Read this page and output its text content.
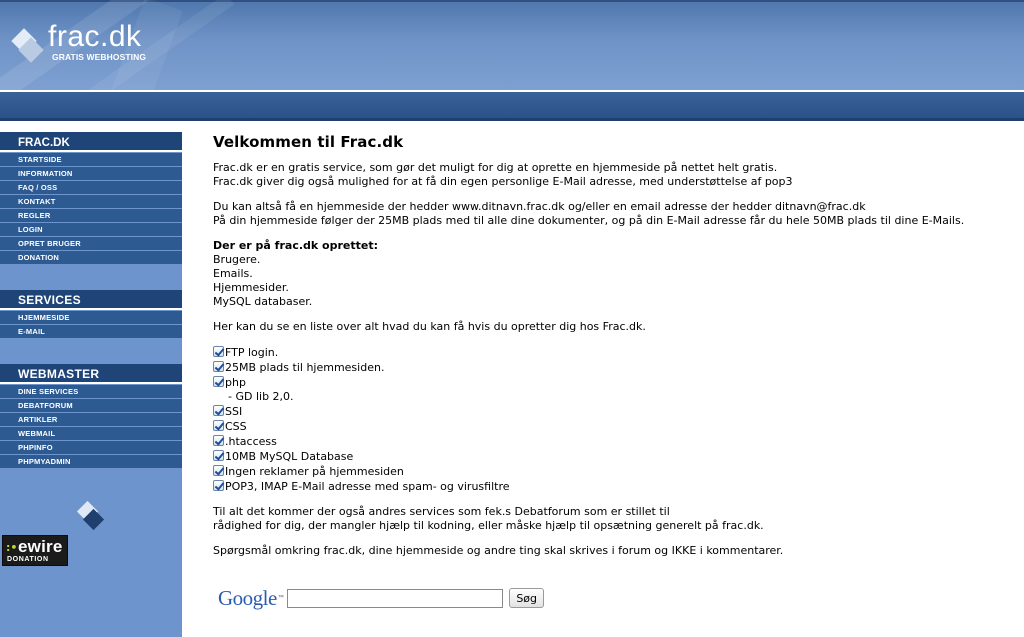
frac.dk
GRATIS WEBHOSTING
FRAC.DK
STARTSIDE
INFORMATION
FAQ / OSS
KONTAKT
REGLER
LOGIN
OPRET BRUGER
DONATION
SERVICES
HJEMMESIDE
E-MAIL
WEBMASTER
DINE SERVICES
DEBATFORUM
ARTIKLER
WEBMAIL
PHPINFO
PHPMYADMIN
:• ewire
DONATION
Velkommen til Frac.dk

Frac.dk er en gratis service, som gør det muligt for dig at oprette en hjemmeside på nettet helt gratis.
Frac.dk giver dig også mulighed for at få din egen personlige E-Mail adresse, med understøttelse af pop3

Du kan altså få en hjemmeside der hedder www.ditnavn.frac.dk og/eller en email adresse der hedder ditnavn@frac.dk
På din hjemmeside følger der 25MB plads med til alle dine dokumenter, og på din E-Mail adresse får du hele 50MB plads til dine E-Mails.

Der er på frac.dk oprettet:
Brugere.
Emails.
Hjemmesider.
MySQL databaser.

Her kan du se en liste over alt hvad du kan få hvis du opretter dig hos Frac.dk.

FTP login.
25MB plads til hjemmesiden.
php
- GD lib 2,0.
SSI
CSS
.htaccess
10MB MySQL Database
Ingen reklamer på hjemmesiden
POP3, IMAP E-Mail adresse med spam- og virusfiltre

Til alt det kommer der også andres services som fek.s Debatforum som er stillet til
rådighed for dig, der mangler hjælp til kodning, eller måske hjælp til opsætning generelt på frac.dk.

Spørgsmål omkring frac.dk, dine hjemmeside og andre ting skal skrives i forum og IKKE i kommentarer.

Google™	Søg
